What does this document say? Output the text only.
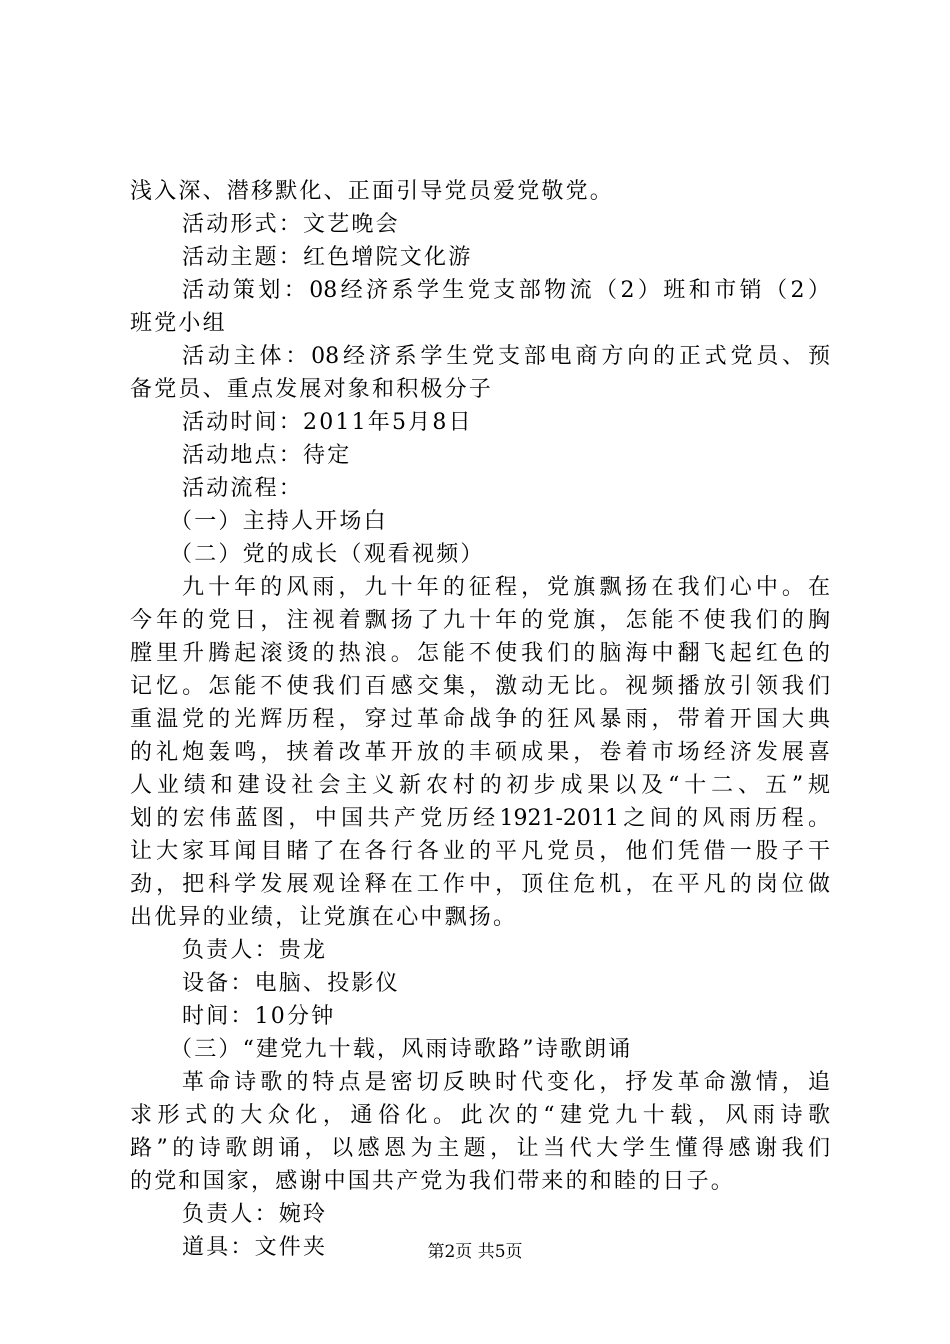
浅入深、潜移默化、正面引导党员爱党敬党。
活动形式：文艺晚会
活动主题：红色增院文化游
活动策划：08经济系学生党支部物流（2）班和市销（2）
班党小组
活动主体：08经济系学生党支部电商方向的正式党员、预
备党员、重点发展对象和积极分子
活动时间：2011年5月8日
活动地点：待定
活动流程：
（一）主持人开场白
（二）党的成长（观看视频）
九十年的风雨，九十年的征程，党旗飘扬在我们心中。在
今年的党日，注视着飘扬了九十年的党旗，怎能不使我们的胸
膛里升腾起滚烫的热浪。怎能不使我们的脑海中翻飞起红色的
记忆。怎能不使我们百感交集，激动无比。视频播放引领我们
重温党的光辉历程，穿过革命战争的狂风暴雨，带着开国大典
的礼炮轰鸣，挟着改革开放的丰硕成果，卷着市场经济发展喜
人业绩和建设社会主义新农村的初步成果以及“十二、五”规
划的宏伟蓝图，中国共产党历经1921-2011之间的风雨历程。
让大家耳闻目睹了在各行各业的平凡党员，他们凭借一股子干
劲，把科学发展观诠释在工作中，顶住危机，在平凡的岗位做
出优异的业绩，让党旗在心中飘扬。
负责人：贵龙
设备：电脑、投影仪
时间：10分钟
（三）“建党九十载，风雨诗歌路”诗歌朗诵
革命诗歌的特点是密切反映时代变化，抒发革命激情，追
求形式的大众化，通俗化。此次的“建党九十载，风雨诗歌
路”的诗歌朗诵，以感恩为主题，让当代大学生懂得感谢我们
的党和国家，感谢中国共产党为我们带来的和睦的日子。
负责人：婉玲
道具：文件夹	第2页 共5页
